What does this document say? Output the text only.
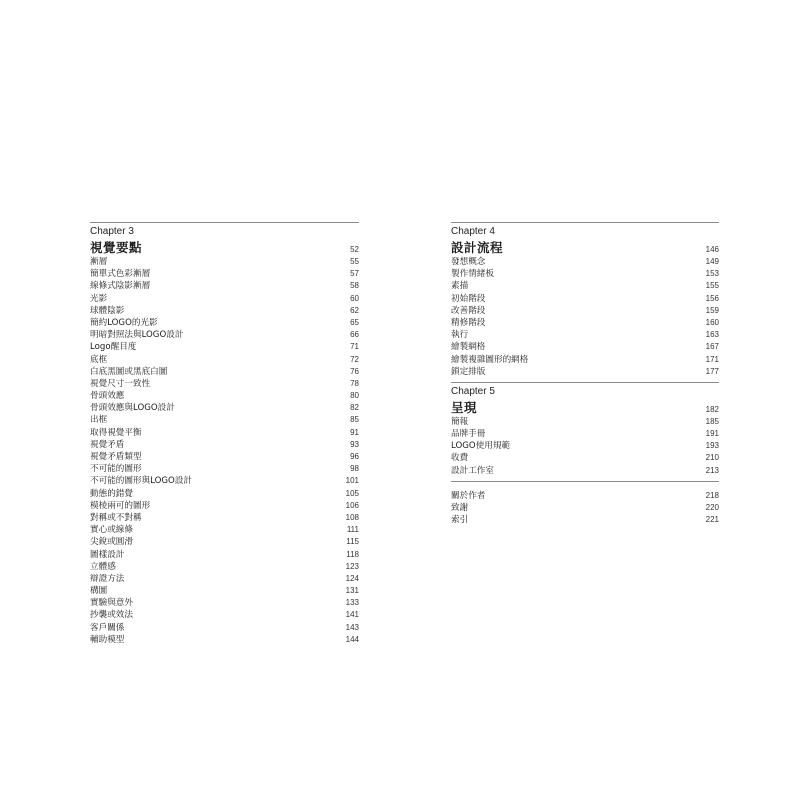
Chapter 3
視覺要點	52
漸層	55
簡單式色彩漸層	57
線條式陰影漸層	58
光影	60
球體陰影	62
簡約LOGO的光影	65
明暗對照法與LOGO設計	66
Logo醒目度	71
底框	72
白底黑圖或黑底白圖	76
視覺尺寸一致性	78
骨頭效應	80
骨頭效應與LOGO設計	82
出框	85
取得視覺平衡	91
視覺矛盾	93
視覺矛盾類型	96
不可能的圖形	98
不可能的圖形與LOGO設計	101
動態的錯覺	105
模棱兩可的圖形	106
對稱或不對稱	108
實心或線條	111
尖銳或圓滑	115
圖樣設計	118
立體感	123
辯證方法	124
構圖	131
實驗與意外	133
抄襲或效法	141
客戶關係	143
輔助模型	144
Chapter 4
設計流程	146
發想概念	149
製作情緒板	153
素描	155
初始階段	156
改善階段	159
精修階段	160
執行	163
繪製網格	167
繪製複雜圖形的網格	171
鎖定排版	177
Chapter 5
呈現	182
簡報	185
品牌手冊	191
LOGO使用規範	193
收費	210
設計工作室	213
關於作者	218
致謝	220
索引	221
